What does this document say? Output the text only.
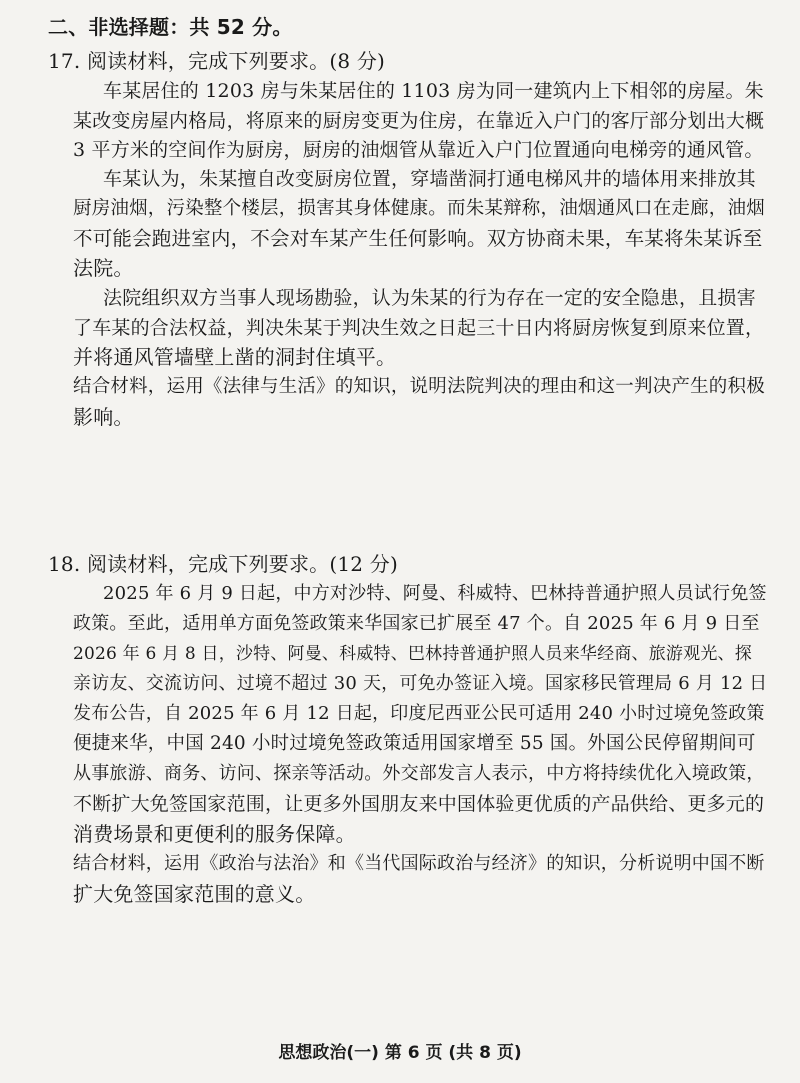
二、非选择题：共 52 分。
17. 阅读材料，完成下列要求。(8 分)
车某居住的 1203 房与朱某居住的 1103 房为同一建筑内上下相邻的房屋。朱
某改变房屋内格局，将原来的厨房变更为住房，在靠近入户门的客厅部分划出大概
3 平方米的空间作为厨房，厨房的油烟管从靠近入户门位置通向电梯旁的通风管。
车某认为，朱某擅自改变厨房位置，穿墙凿洞打通电梯风井的墙体用来排放其
厨房油烟，污染整个楼层，损害其身体健康。而朱某辩称，油烟通风口在走廊，油烟
不可能会跑进室内，不会对车某产生任何影响。双方协商未果，车某将朱某诉至
法院。
法院组织双方当事人现场勘验，认为朱某的行为存在一定的安全隐患，且损害
了车某的合法权益，判决朱某于判决生效之日起三十日内将厨房恢复到原来位置，
并将通风管墙壁上凿的洞封住填平。
结合材料，运用《法律与生活》的知识，说明法院判决的理由和这一判决产生的积极
影响。
18. 阅读材料，完成下列要求。(12 分)
2025 年 6 月 9 日起，中方对沙特、阿曼、科威特、巴林持普通护照人员试行免签
政策。至此，适用单方面免签政策来华国家已扩展至 47 个。自 2025 年 6 月 9 日至
2026 年 6 月 8 日，沙特、阿曼、科威特、巴林持普通护照人员来华经商、旅游观光、探
亲访友、交流访问、过境不超过 30 天，可免办签证入境。国家移民管理局 6 月 12 日
发布公告，自 2025 年 6 月 12 日起，印度尼西亚公民可适用 240 小时过境免签政策
便捷来华，中国 240 小时过境免签政策适用国家增至 55 国。外国公民停留期间可
从事旅游、商务、访问、探亲等活动。外交部发言人表示，中方将持续优化入境政策，
不断扩大免签国家范围，让更多外国朋友来中国体验更优质的产品供给、更多元的
消费场景和更便利的服务保障。
结合材料，运用《政治与法治》和《当代国际政治与经济》的知识，分析说明中国不断
扩大免签国家范围的意义。
思想政治(一) 第 6 页 (共 8 页)
